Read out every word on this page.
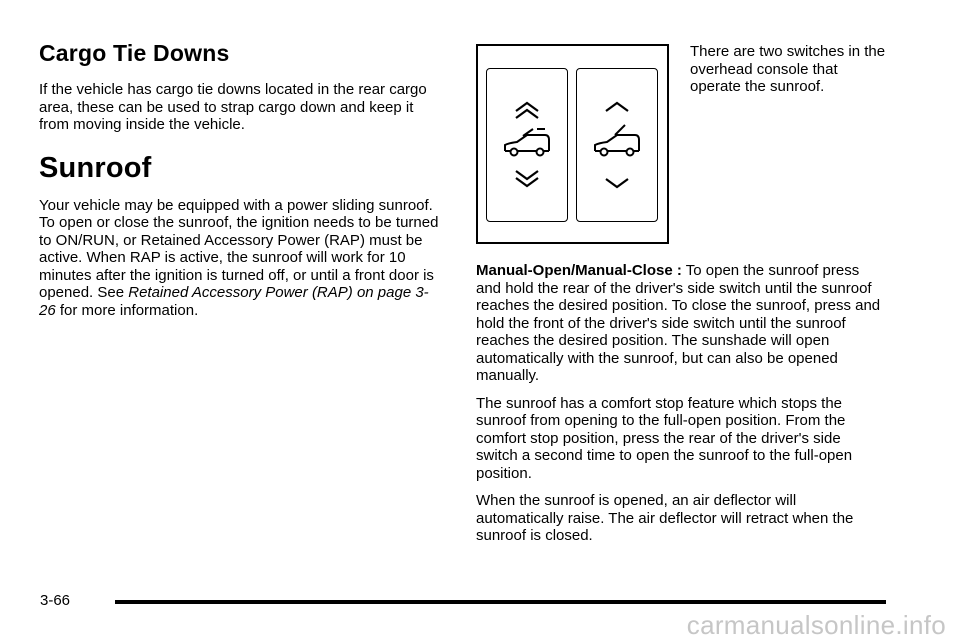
Cargo Tie Downs

If the vehicle has cargo tie downs located in the rear cargo area, these can be used to strap cargo down and keep it from moving inside the vehicle.

Sunroof

Your vehicle may be equipped with a power sliding sunroof. To open or close the sunroof, the ignition needs to be turned to ON/RUN, or Retained Accessory Power (RAP) must be active. When RAP is active, the sunroof will work for 10 minutes after the ignition is turned off, or until a front door is opened. See Retained Accessory Power (RAP) on page 3-26 for more information.

There are two switches in the overhead console that operate the sunroof.

Manual-Open/Manual-Close : To open the sunroof press and hold the rear of the driver's side switch until the sunroof reaches the desired position. To close the sunroof, press and hold the front of the driver's side switch until the sunroof reaches the desired position. The sunshade will open automatically with the sunroof, but can also be opened manually.

The sunroof has a comfort stop feature which stops the sunroof from opening to the full-open position. From the comfort stop position, press the rear of the driver's side switch a second time to open the sunroof to the full-open position.

When the sunroof is opened, an air deflector will automatically raise. The air deflector will retract when the sunroof is closed.

3-66
carmanualsonline.info
